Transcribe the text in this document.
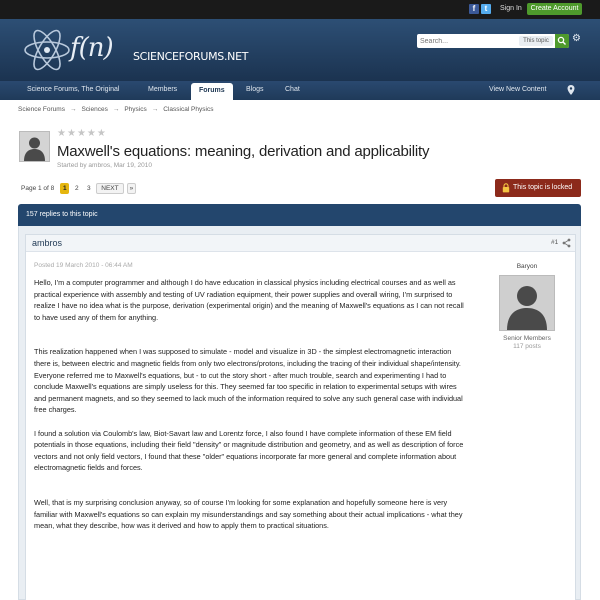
f	t	Sign In	Create Account
f(n) SCIENCEFORUMS.NET
Search...
This topic	⚙
Science Forums, The Original	Members	Forums	Blogs	Chat	View New Content
Science Forums → Sciences → Physics → Classical Physics
★ ★ ★ ★ ★
Maxwell's equations: meaning, derivation and applicability
Started by ambros, Mar 19, 2010
Page 1 of 8	1	2	3	NEXT	»	This topic is locked
157 replies to this topic
ambros	#1
Posted 19 March 2010 - 06:44 AM

Hello, I'm a computer programmer and although I do have education in classical physics including electrical courses and as well as practical experience with assembly and testing of UV radiation equipment, their power supplies and overall wiring, I'm surprised to realize I have no idea what is the purpose, derivation (experimental origin) and the meaning of Maxwell's equations as I can not recall to have used any of them for anything.

This realization happened when I was supposed to simulate - model and visualize in 3D - the simplest electromagnetic interaction there is, between electric and magnetic fields from only two electrons/protons, including the tracing of their individual shape/intensity. Everyone referred me to Maxwell's equations, but - to cut the story short - after much trouble, search and experimenting I had to conclude Maxwell's equations are simply useless for this. They seemed far too specific in relation to experimental setups with wires and permanent magnets, and so they seemed to lack much of the information required to solve any such general case with individual free charges.

I found a solution via Coulomb's law, Biot-Savart law and Lorentz force, I also found I have complete information of these EM field potentials in those equations, including their field "density" or magnitude distribution and geometry, and as well as description of force vectors and not only field vectors, I found that these "older" equations incorporate far more general and complete information about electromagnetic fields and forces.

Well, that is my surprising conclusion anyway, so of course I'm looking for some explanation and hopefully someone here is very familiar with Maxwell's equations so can explain my misunderstandings and say something about their actual implications - what they mean, what they describe, how was it derived and how to apply them to practical situations.

Baryon
Senior Members
117 posts
